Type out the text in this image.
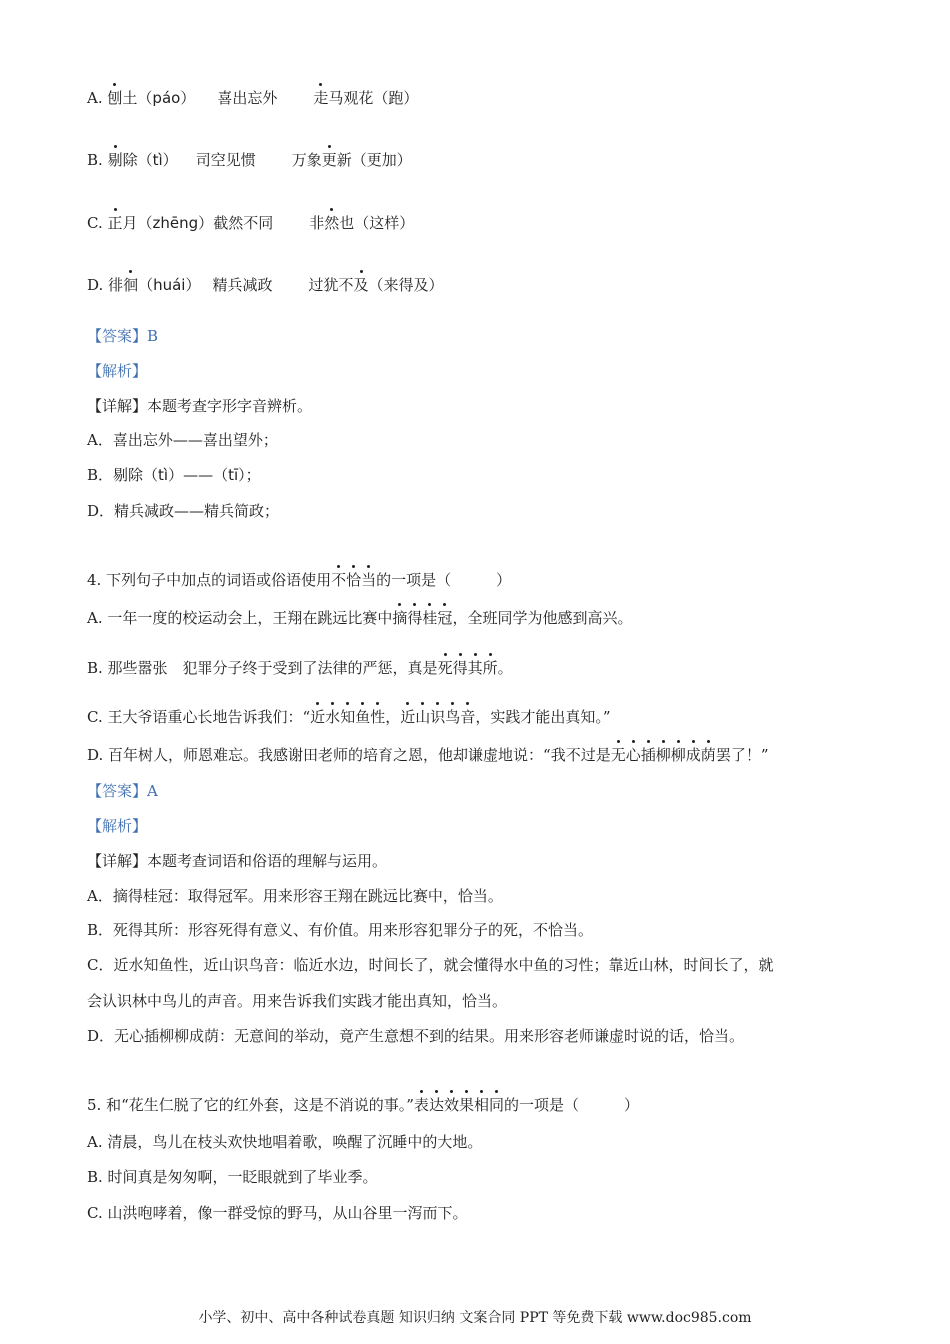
A. 刨土（páo） 喜出忘外 走马观花（跑）
B. 剔除（tì） 司空见惯 万象更新（更加）
C. 正月（zhēng）截然不同 非然也（这样）
D. 徘徊（huái） 精兵减政 过犹不及（来得及）
【答案】B
【解析】
【详解】本题考查字形字音辨析。
A．喜出忘外——喜出望外；
B．剔除（tì）——（tī）；
D．精兵减政——精兵简政；
4. 下列句子中加点的词语或俗语使用不恰当的一项是（　　　）
A. 一年一度的校运动会上，王翔在跳远比赛中摘得桂冠，全班同学为他感到高兴。
B. 那些嚣张　犯罪分子终于受到了法律的严惩，真是死得其所。
C. 王大爷语重心长地告诉我们：“近水知鱼性，近山识鸟音，实践才能出真知。”
D. 百年树人，师恩难忘。我感谢田老师的培育之恩，他却谦虚地说：“我不过是无心插柳柳成荫罢了！”
【答案】A
【解析】
【详解】本题考查词语和俗语的理解与运用。
A．摘得桂冠：取得冠军。用来形容王翔在跳远比赛中，恰当。
B．死得其所：形容死得有意义、有价值。用来形容犯罪分子的死，不恰当。
C．近水知鱼性，近山识鸟音：临近水边，时间长了，就会懂得水中鱼的习性；靠近山林，时间长了，就
会认识林中鸟儿的声音。用来告诉我们实践才能出真知，恰当。
D．无心插柳柳成荫：无意间的举动，竟产生意想不到的结果。用来形容老师谦虚时说的话，恰当。
5. 和“花生仁脱了它的红外套，这是不消说的事。”表达效果相同的一项是（　　　）
A. 清晨，鸟儿在枝头欢快地唱着歌，唤醒了沉睡中的大地。
B. 时间真是匆匆啊，一眨眼就到了毕业季。
C. 山洪咆哮着，像一群受惊的野马，从山谷里一泻而下。
小学、初中、高中各种试卷真题 知识归纳 文案合同 PPT 等免费下载 www.doc985.com
